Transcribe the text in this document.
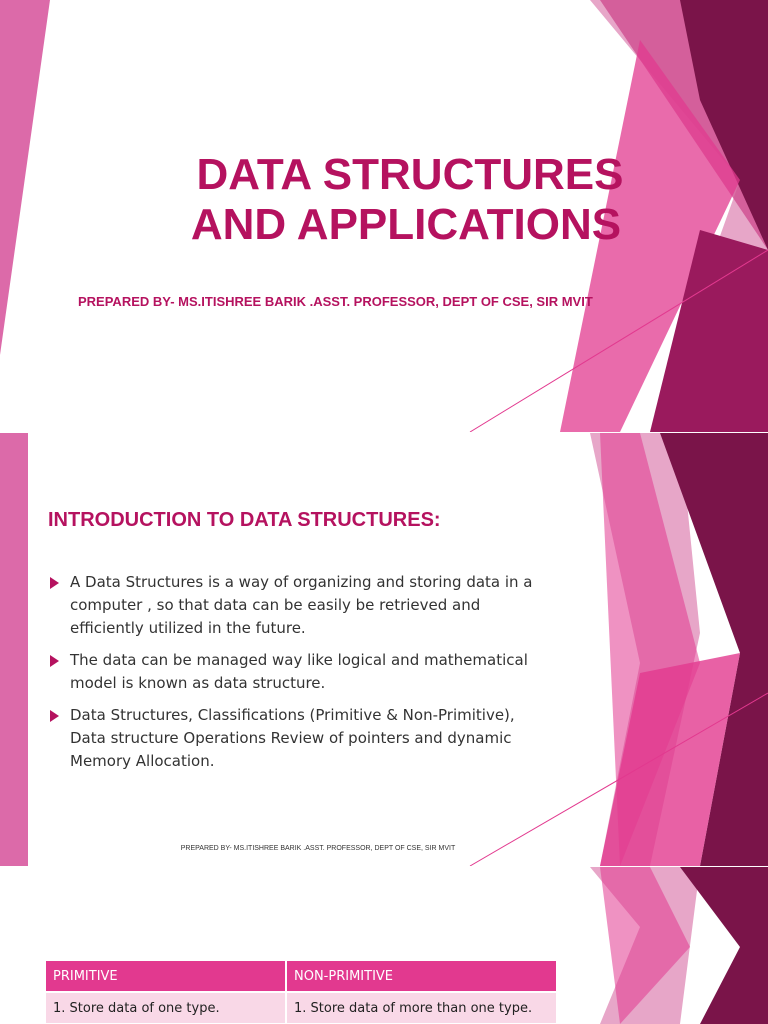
DATA STRUCTURES

AND APPLICATIONS

PREPARED BY- MS.ITISHREE BARIK .ASST. PROFESSOR, DEPT OF CSE, SIR MVIT

INTRODUCTION TO DATA STRUCTURES:

A Data Structures is a way of organizing and storing data in a computer , so that data can be easily be retrieved and efficiently utilized in the future.
The data can be managed way like logical and mathematical model is known as data structure.
Data Structures, Classifications (Primitive & Non-Primitive), Data structure Operations Review of pointers and dynamic Memory Allocation.

PREPARED BY- MS.ITISHREE BARIK .ASST. PROFESSOR, DEPT OF CSE, SIR MVIT

PRIMITIVE	NON-PRIMITIVE
1. Store data of one type.	1. Store data of more than one type.
